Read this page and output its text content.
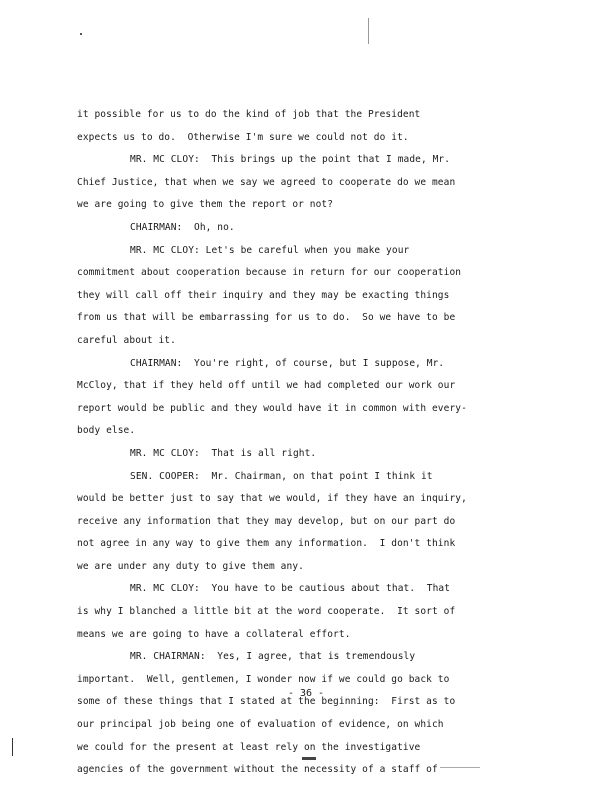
it possible for us to do the kind of job that the President
expects us to do.  Otherwise I'm sure we could not do it.
MR. MC CLOY:  This brings up the point that I made, Mr.
Chief Justice, that when we say we agreed to cooperate do we mean
we are going to give them the report or not?
CHAIRMAN:  Oh, no.
MR. MC CLOY: Let's be careful when you make your
commitment about cooperation because in return for our cooperation
they will call off their inquiry and they may be exacting things
from us that will be embarrassing for us to do.  So we have to be
careful about it.
CHAIRMAN:  You're right, of course, but I suppose, Mr.
McCloy, that if they held off until we had completed our work our
report would be public and they would have it in common with every-
body else.
MR. MC CLOY:  That is all right.
SEN. COOPER:  Mr. Chairman, on that point I think it
would be better just to say that we would, if they have an inquiry,
receive any information that they may develop, but on our part do
not agree in any way to give them any information.  I don't think
we are under any duty to give them any.
MR. MC CLOY:  You have to be cautious about that.  That
is why I blanched a little bit at the word cooperate.  It sort of
means we are going to have a collateral effort.
MR. CHAIRMAN:  Yes, I agree, that is tremendously
important.  Well, gentlemen, I wonder now if we could go back to
some of these things that I stated at the beginning:  First as to
our principal job being one of evaluation of evidence, on which
we could for the present at least rely on the investigative
agencies of the government without the necessity of a staff of
- 36 -
